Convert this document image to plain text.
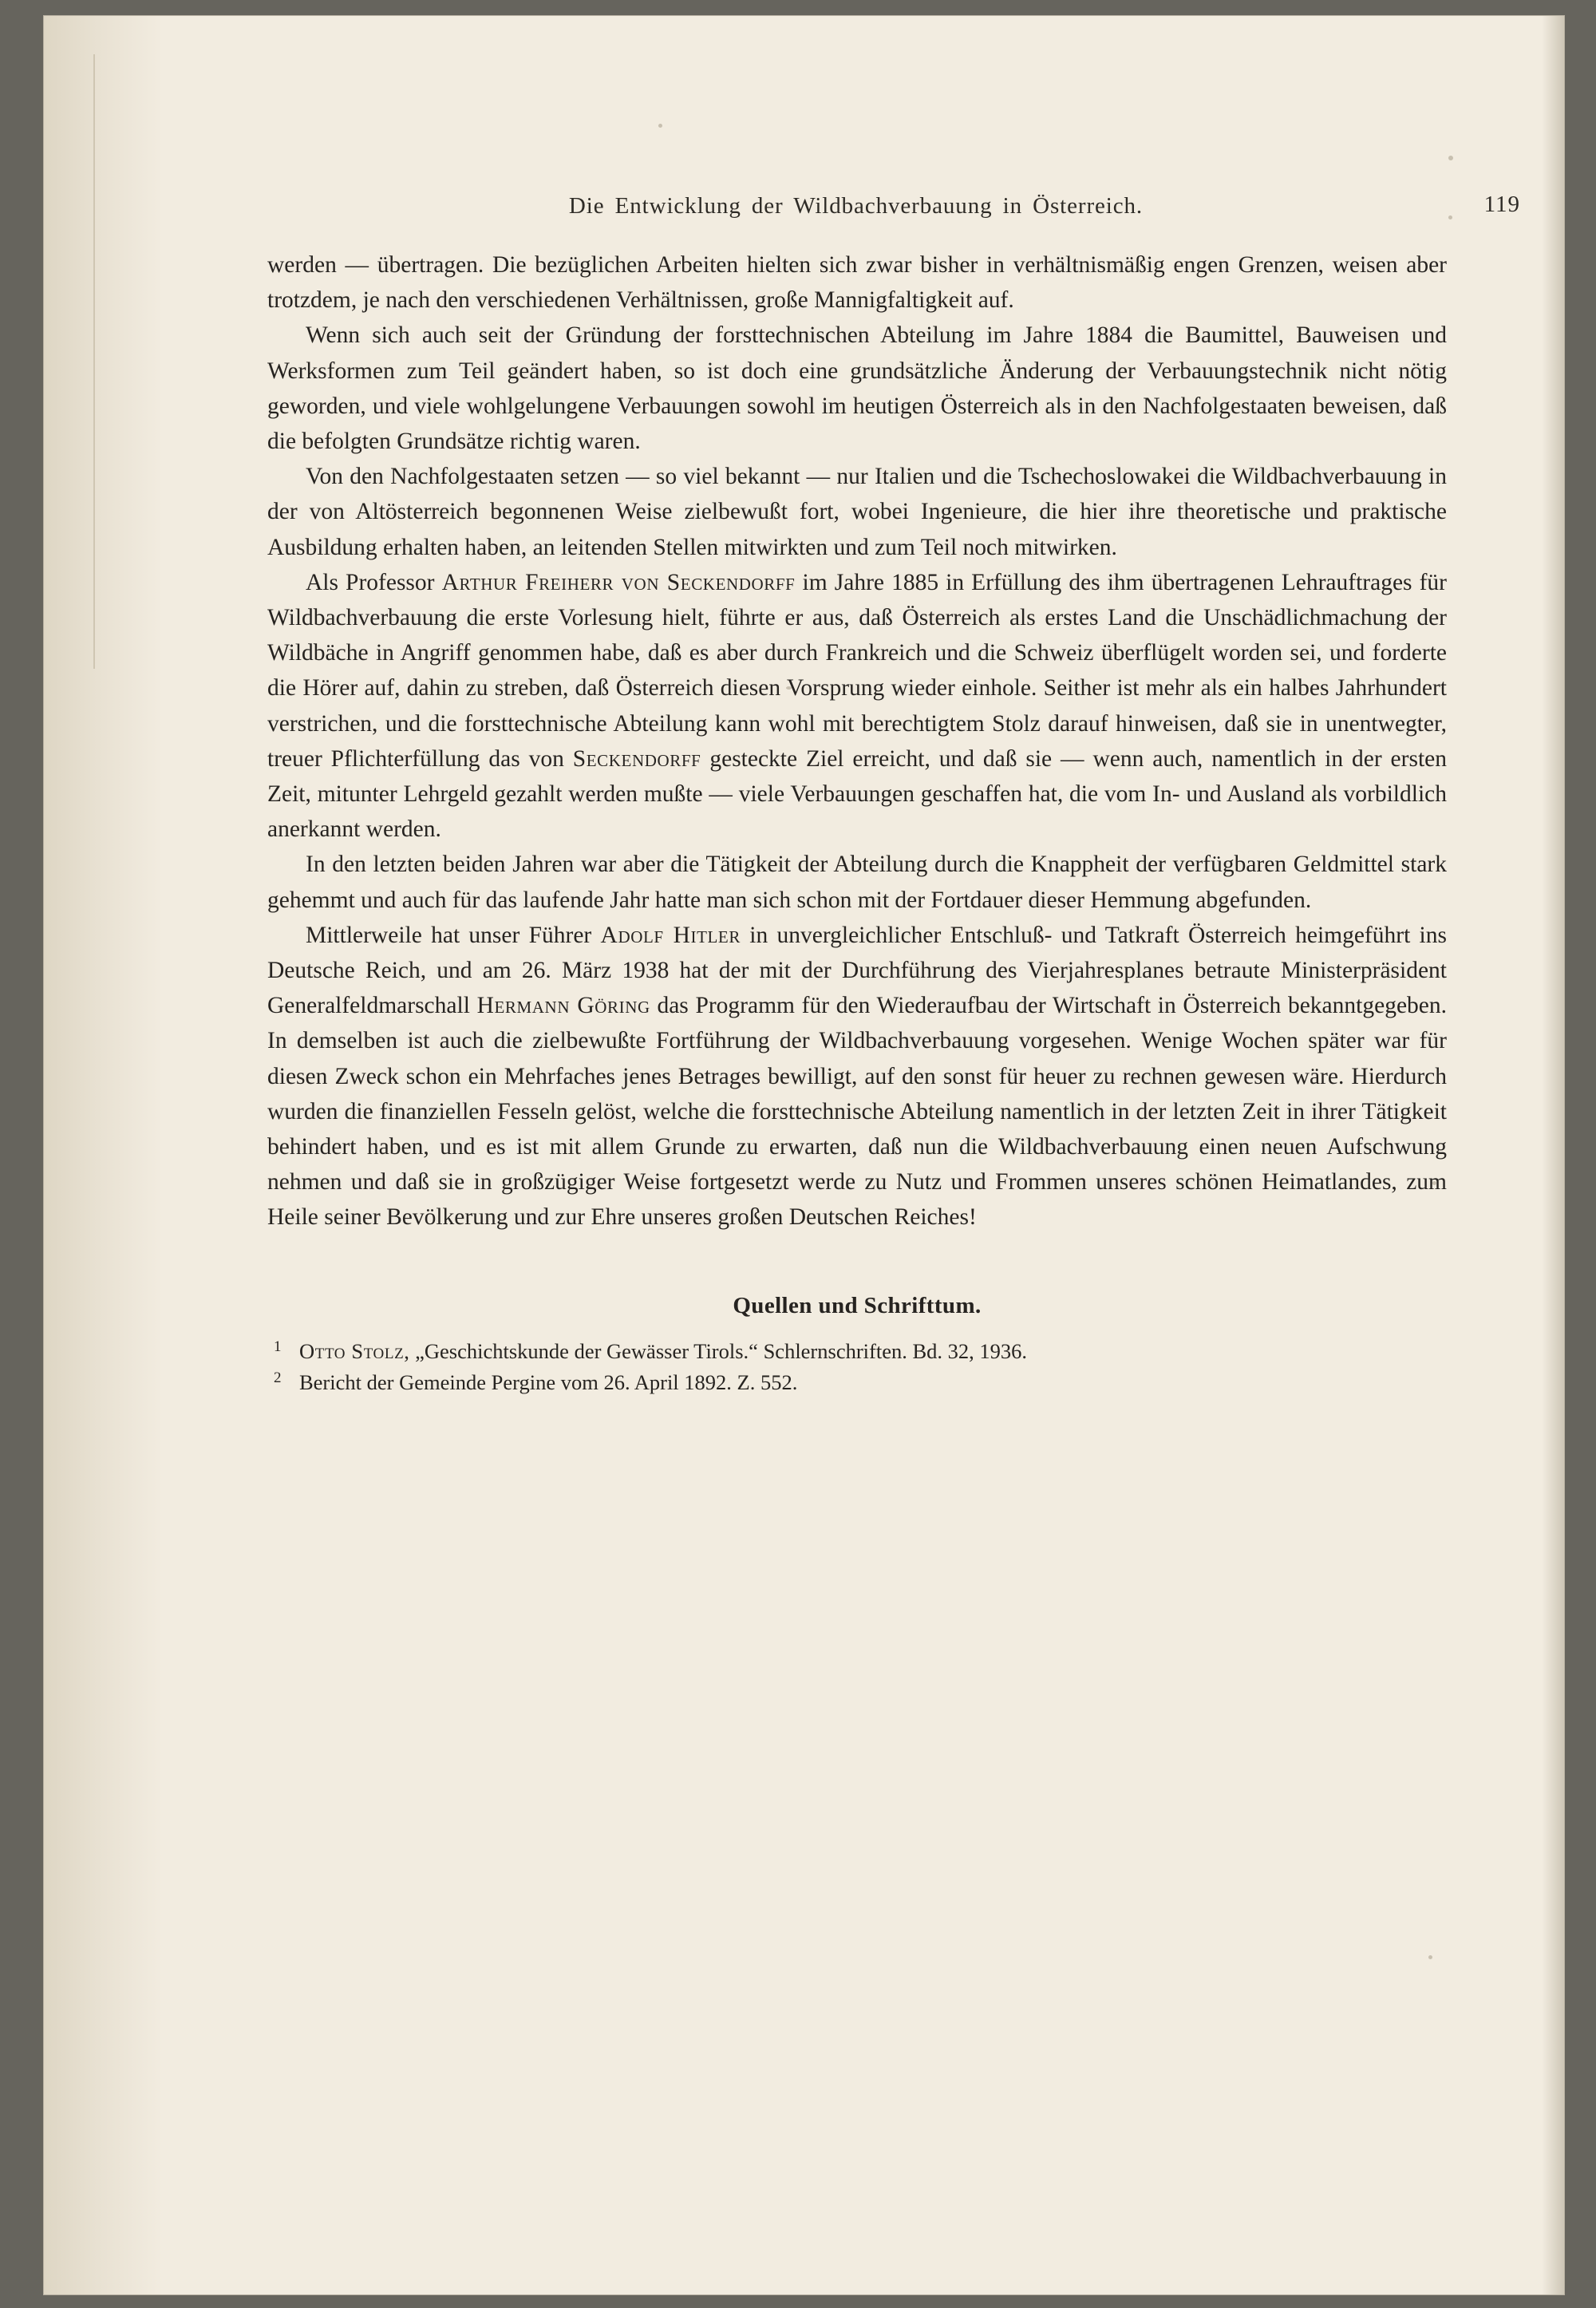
Die Entwicklung der Wildbachverbauung in Österreich.	119

werden — übertragen. Die bezüglichen Arbeiten hielten sich zwar bisher in verhältnismäßig engen Grenzen, weisen aber trotzdem, je nach den verschiedenen Verhältnissen, große Mannigfaltigkeit auf.

Wenn sich auch seit der Gründung der forsttechnischen Abteilung im Jahre 1884 die Baumittel, Bauweisen und Werksformen zum Teil geändert haben, so ist doch eine grundsätzliche Änderung der Verbauungstechnik nicht nötig geworden, und viele wohlgelungene Verbauungen sowohl im heutigen Österreich als in den Nachfolgestaaten beweisen, daß die befolgten Grundsätze richtig waren.

Von den Nachfolgestaaten setzen — so viel bekannt — nur Italien und die Tschechoslowakei die Wildbachverbauung in der von Altösterreich begonnenen Weise zielbewußt fort, wobei Ingenieure, die hier ihre theoretische und praktische Ausbildung erhalten haben, an leitenden Stellen mitwirkten und zum Teil noch mitwirken.

Als Professor Arthur Freiherr von Seckendorff im Jahre 1885 in Erfüllung des ihm übertragenen Lehrauftrages für Wildbachverbauung die erste Vorlesung hielt, führte er aus, daß Österreich als erstes Land die Unschädlichmachung der Wildbäche in Angriff genommen habe, daß es aber durch Frankreich und die Schweiz überflügelt worden sei, und forderte die Hörer auf, dahin zu streben, daß Österreich diesen Vorsprung wieder einhole. Seither ist mehr als ein halbes Jahrhundert verstrichen, und die forsttechnische Abteilung kann wohl mit berechtigtem Stolz darauf hinweisen, daß sie in unentwegter, treuer Pflichterfüllung das von Seckendorff gesteckte Ziel erreicht, und daß sie — wenn auch, namentlich in der ersten Zeit, mitunter Lehrgeld gezahlt werden mußte — viele Verbauungen geschaffen hat, die vom In- und Ausland als vorbildlich anerkannt werden.

In den letzten beiden Jahren war aber die Tätigkeit der Abteilung durch die Knappheit der verfügbaren Geldmittel stark gehemmt und auch für das laufende Jahr hatte man sich schon mit der Fortdauer dieser Hemmung abgefunden.

Mittlerweile hat unser Führer Adolf Hitler in unvergleichlicher Entschluß- und Tatkraft Österreich heimgeführt ins Deutsche Reich, und am 26. März 1938 hat der mit der Durchführung des Vierjahresplanes betraute Ministerpräsident Generalfeldmarschall Hermann Göring das Programm für den Wiederaufbau der Wirtschaft in Österreich bekanntgegeben. In demselben ist auch die zielbewußte Fortführung der Wildbachverbauung vorgesehen. Wenige Wochen später war für diesen Zweck schon ein Mehrfaches jenes Betrages bewilligt, auf den sonst für heuer zu rechnen gewesen wäre. Hierdurch wurden die finanziellen Fesseln gelöst, welche die forsttechnische Abteilung namentlich in der letzten Zeit in ihrer Tätigkeit behindert haben, und es ist mit allem Grunde zu erwarten, daß nun die Wildbachverbauung einen neuen Aufschwung nehmen und daß sie in großzügiger Weise fortgesetzt werde zu Nutz und Frommen unseres schönen Heimatlandes, zum Heile seiner Bevölkerung und zur Ehre unseres großen Deutschen Reiches!

Quellen und Schrifttum.
1 Otto Stolz, „Geschichtskunde der Gewässer Tirols.“ Schlernschriften. Bd. 32, 1936.
2 Bericht der Gemeinde Pergine vom 26. April 1892. Z. 552.
